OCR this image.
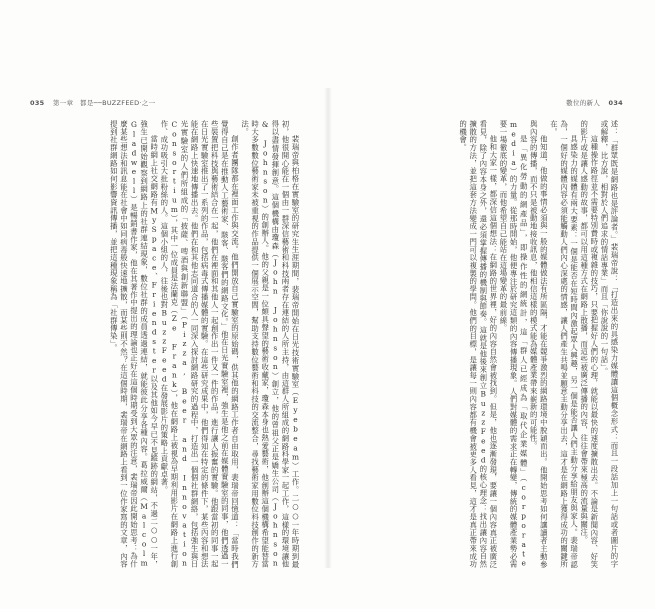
035 第一章　都是──BUZZFEED‧之一

裴瑞帝與柏格在實驗室的研究生生涯期間，裴瑞帝開始在日光技術實驗室（Eyebeam）工作。二○○一年時期到最初，他很開心能在一個由一群深信藝術和科技兩者存在連結的人所主持，由這群人所組成的網路科學家一起工作，這樣的環境讓他得以盡情發揮創意。這個機構由瓊森（John Johnson）創立，他的曾祖父正是嬌生公司（Johnson & Johnson）的創辦人。他的父親是一位頗具聲望的藝術收藏家，瓊森本身也熱愛藝術，他創辦這個機構希望能替當時大多數數位藝術家未被重視的作品提供一個展示空間，幫助支持數位藝術和科技的交流整合，尋找藝術家用數位科技創作的新方法。

創作者團隊都在裡面工作與交流。他們開放自己實驗室的原始碼，供其他的網路工作者自由取用，裴瑞帝回憶道：「當時我們覺得自己是在推動人工藝術家、駭客、駭客們的網路文化。」他在日光實驗室裡，強生是他之前在媒體實驗室的同事，他們透過一些裝置把科技與藝術結合在一起，他們在裡面和其他人一起創作出一件又一件的作品，進行讓人振奮的實驗。他跟當初的同事一起在日光實驗室推出了一系列的作品，包括病毒式傳播媒體的實驗。在這些研究成果中，他們得知在特定的條件下，某些內容和想法能在網路上快速地傳播出去。他們在和其他志同道合的人一同深入探討網路研究的過程中，打造出一個個社群網絡，包括強生與日光實驗室的人們所組成的「披薩、啤酒與創新聯盟」（Pizza, Beer and Innovation Consortium），其中一位成員是法蘭克（Ze Frank），他在網路上被視為早期利用影片在網路上進行創作、成功吸引大批粉絲的人。這個小組的人，往後也對BuzzFeed在發展影片的策略上貢獻卓著。

當時網上社交網路有MySpace、Friendster以及其他如今早已不見蹤跡的網站，不過二○○一年，強生已開始觀察到網路上的社群連結現象，數位社群的成員透過連結，就能彼此分享各種內容。葛拉威爾（Malcolm Gladwell）是暢銷書作家，他在其著作中提出的理論也正好在這個時期受到大眾的注意，裴瑞帝因此開始思考：為什麼某些想法和訊息能在社會中如同病毒般快速地擴散，而某些則不然？在這個時期，裴瑞帝在網路上看到一位作家寫的文章，內容提到社群網路如何影響資訊傳播，並把這種現象稱為「社群傳染」。

數位的新人 034

述：「群眾既是網路也是評論者。」裴瑞帝說：「打造出來的具感染力媒體讓這個概念形式：而且一段話加上一句話或者圖片的字或解釋，比方說，相對於人們追求的情話專業」而且「你說說的一句話」。

這種操作路徑並不需要特別費時或複雜的技巧，只要把握好人們的心理，就能以最快的速度擴散出去。不論是新聞內容、好笑的影片或是讓人感動的故事，都可以用這種方式在網路上散播，而這些被廣泛傳播的內容，往往會帶來極高的流量與關注。

具感染力的媒體有兩大要素：一個是能否在短時間內激起眾人興趣，另一個是能否讓人們主動分享給朋友與家人。裴瑞帝認為，一個好的媒體內容必須能觸動人們內心深處的情感，讓人們產生共鳴並願意主動分享出去，這才是在網路上獲得成功的關鍵所在。

他知道，他做的事情必須與一般的媒體做法有所區隔，才能在競爭激烈的網路環境中脫穎而出。他開始思考如何讓讀者主動參與內容的傳播，而不只是被動地接收訊息，他相信這樣的模式能為媒體產業帶來嶄新的可能性。

是「異化勞動的網產品」，即操作性的網統計，這「群人已經成為「取代企業媒體」（corporate media）的力量。從那時開始，他便專注於研究這類的內容傳播現象。人們對媒體的需求正在轉變，傳統的媒體產業勢必需要一場徹底的變革，而他希望自己能站在這場變革的最前線。

他和大家一樣，都深信這個想法：在網路的世界裡，好的內容自然會被找到。但是，他也逐漸發現，要讓一個內容真正被廣泛看見，除了內容本身之外，還必須掌握傳播的機制與節奏。這就是他後來創立BuzzFeed的核心理念：找出讓內容自然擴散的方法，並把這套方法變成一門可以複製的學問。他們的目標，是讓每一則內容都有機會被更多人看見，這才是真正帶來成功的機會。
